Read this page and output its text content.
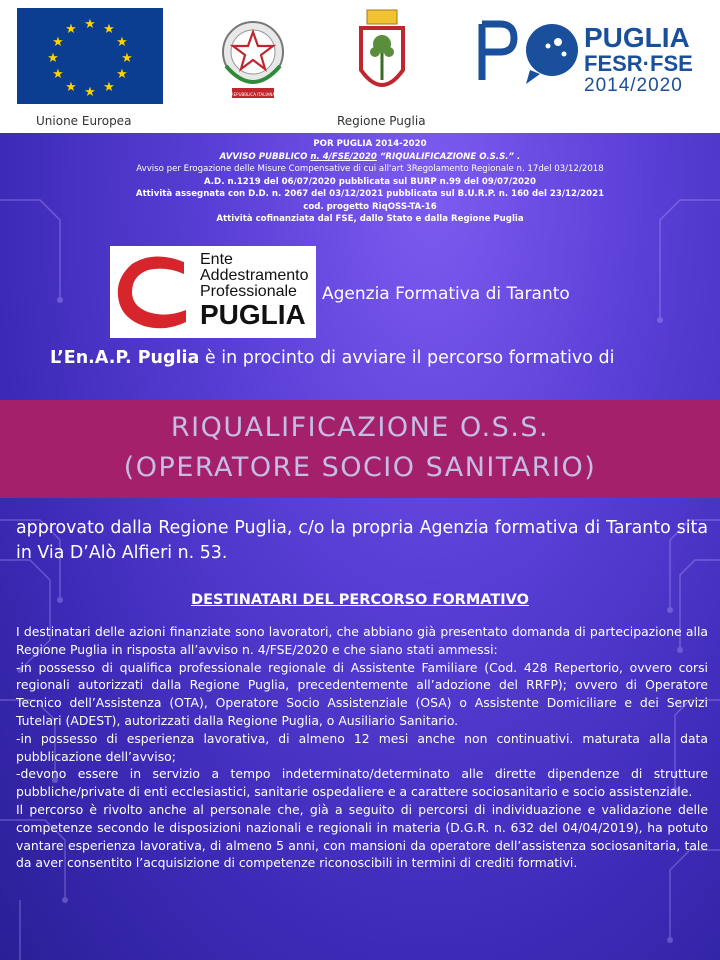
★ ★
★
★
★
★
★
★
★
★
★
★
Unione Europea
REPUBBLICA ITALIANA
Regione Puglia
PUGLIA
FESR·FSE
2014/2020
POR PUGLIA 2014-2020
AVVISO PUBBLICO n. 4/FSE/2020 “RIQUALIFICAZIONE O.S.S.” .
Avviso per Erogazione delle Misure Compensative di cui all'art 3Regolamento Regionale n. 17del 03/12/2018
A.D. n.1219 del 06/07/2020 pubblicata sul BURP n.99 del 09/07/2020
Attività assegnata con D.D. n. 2067 del 03/12/2021 pubblicata sul B.U.R.P. n. 160 del 23/12/2021
cod. progetto RiqOSS-TA-16
Attività cofinanziata dal FSE, dallo Stato e dalla Regione Puglia
ENAP
Ente
Addestramento
Professionale
PUGLIA
Agenzia Formativa di Taranto
L’En.A.P. Puglia è in procinto di avviare il percorso formativo di
RIQUALIFICAZIONE O.S.S.
(OPERATORE SOCIO SANITARIO)
approvato dalla Regione Puglia, c/o la propria Agenzia formativa di Taranto sita in Via D’Alò Alfieri n. 53.
DESTINATARI DEL PERCORSO FORMATIVO

I destinatari delle azioni finanziate sono lavoratori, che abbiano già presentato domanda di partecipazione alla Regione Puglia in risposta all’avviso n. 4/FSE/2020 e che siano stati ammessi:

-in possesso di qualifica professionale regionale di Assistente Familiare (Cod. 428 Repertorio, ovvero corsi regionali autorizzati dalla Regione Puglia, precedentemente all’adozione del RRFP); ovvero di Operatore Tecnico dell’Assistenza (OTA), Operatore Socio Assistenziale (OSA) o Assistente Domiciliare e dei Servizi Tutelari (ADEST), autorizzati dalla Regione Puglia, o Ausiliario Sanitario.

-in possesso di esperienza lavorativa, di almeno 12 mesi anche non continuativi. maturata alla data pubblicazione dell’avviso;

-devono essere in servizio a tempo indeterminato/determinato alle dirette dipendenze di strutture pubbliche/private di enti ecclesiastici, sanitarie ospedaliere e a carattere sociosanitario e socio assistenziale.

Il percorso è rivolto anche al personale che, già a seguito di percorsi di individuazione e validazione delle competenze secondo le disposizioni nazionali e regionali in materia (D.G.R. n. 632 del 04/04/2019), ha potuto vantare esperienza lavorativa, di almeno 5 anni, con mansioni da operatore dell’assistenza sociosanitaria, tale da aver consentito l’acquisizione di competenze riconoscibili in termini di crediti formativi.
